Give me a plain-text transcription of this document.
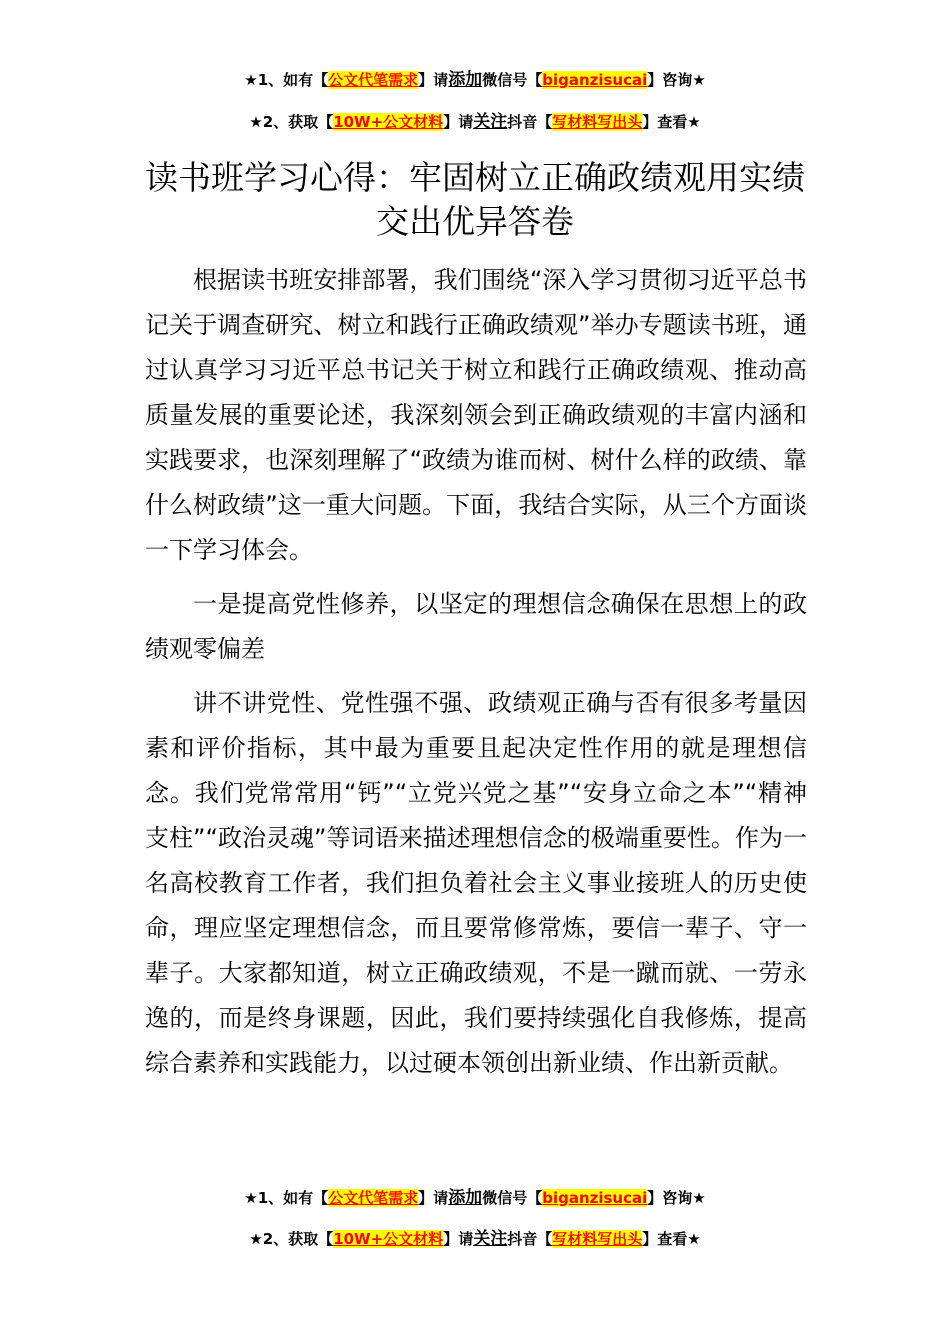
★1、如有【公文代笔需求】请添加微信号【biganzisucai】咨询★
★2、获取【10W+公文材料】请关注抖音【写材料写出头】查看★
读书班学习心得：牢固树立正确政绩观用实绩交出优异答卷

根据读书班安排部署，我们围绕“深入学习贯彻习近平总书记关于调查研究、树立和践行正确政绩观”举办专题读书班，通过认真学习习近平总书记关于树立和践行正确政绩观、推动高质量发展的重要论述，我深刻领会到正确政绩观的丰富内涵和实践要求，也深刻理解了“政绩为谁而树、树什么样的政绩、靠什么树政绩”这一重大问题。下面，我结合实际，从三个方面谈一下学习体会。

一是提高党性修养，以坚定的理想信念确保在思想上的政绩观零偏差

讲不讲党性、党性强不强、政绩观正确与否有很多考量因素和评价指标，其中最为重要且起决定性作用的就是理想信念。我们党常常用“钙”“立党兴党之基”“安身立命之本”“精神支柱”“政治灵魂”等词语来描述理想信念的极端重要性。作为一名高校教育工作者，我们担负着社会主义事业接班人的历史使命，理应坚定理想信念，而且要常修常炼，要信一辈子、守一辈子。大家都知道，树立正确政绩观，不是一蹴而就、一劳永逸的，而是终身课题，因此，我们要持续强化自我修炼，提高综合素养和实践能力，以过硬本领创出新业绩、作出新贡献。

★1、如有【公文代笔需求】请添加微信号【biganzisucai】咨询★
★2、获取【10W+公文材料】请关注抖音【写材料写出头】查看★
